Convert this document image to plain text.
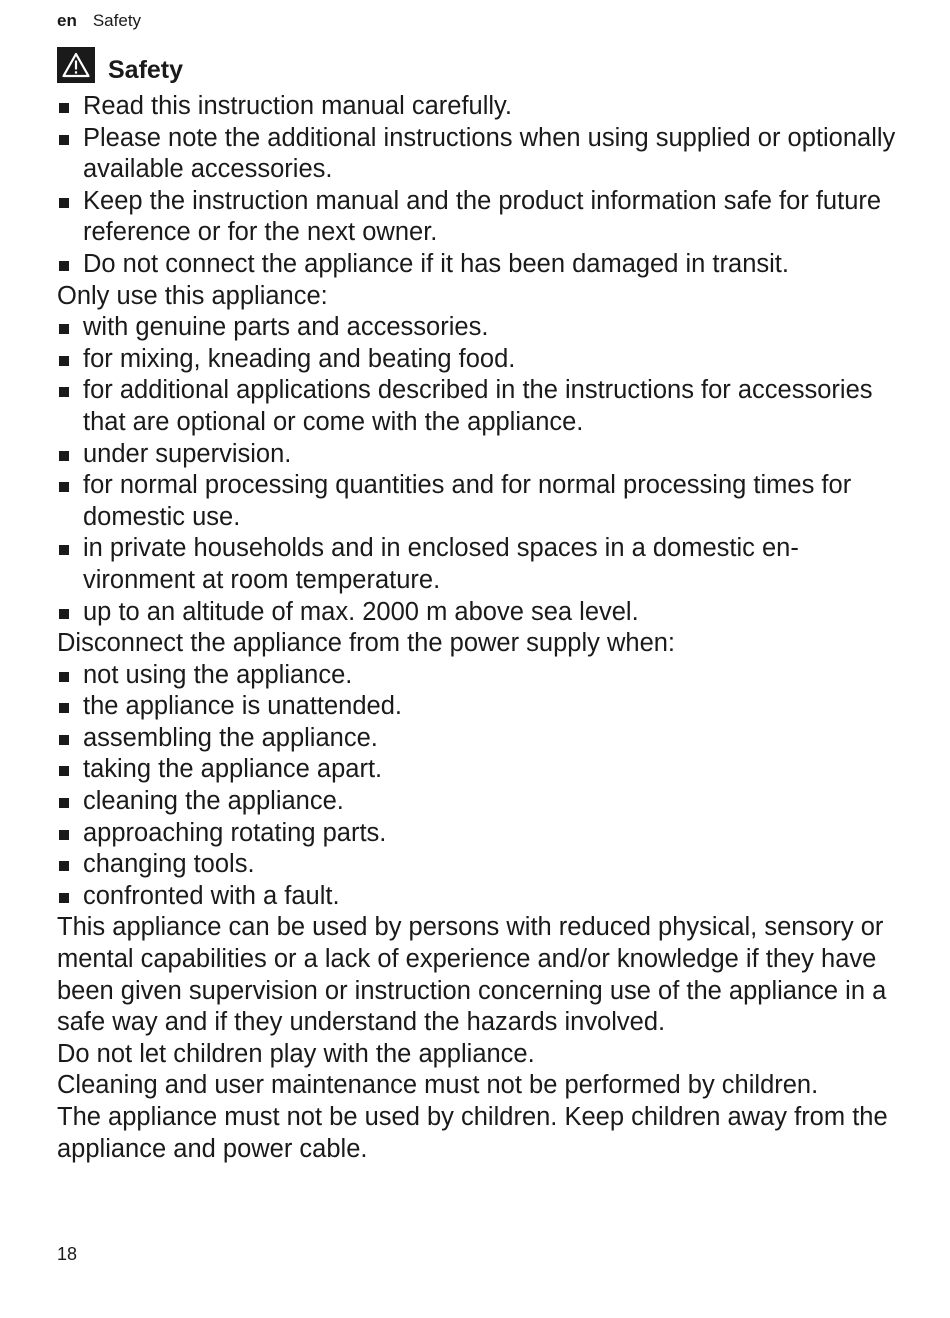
en Safety
Safety
Read this instruction manual carefully.
Please note the additional instructions when using supplied or optionally available accessories.
Keep the instruction manual and the product information safe for future reference or for the next owner.
Do not connect the appliance if it has been damaged in transit.

Only use this appliance:

with genuine parts and accessories.
for mixing, kneading and beating food.
for additional applications described in the instructions for accessories that are optional or come with the appliance.
under supervision.
for normal processing quantities and for normal processing times for domestic use.
in private households and in enclosed spaces in a domestic environment at room temperature.
up to an altitude of max. 2000 m above sea level.

Disconnect the appliance from the power supply when:

not using the appliance.
the appliance is unattended.
assembling the appliance.
taking the appliance apart.
cleaning the appliance.
approaching rotating parts.
changing tools.
confronted with a fault.

This appliance can be used by persons with reduced physical, sensory or mental capabilities or a lack of experience and/or knowledge if they have been given supervision or instruction concerning use of the appliance in a safe way and if they understand the hazards involved.

Do not let children play with the appliance.

Cleaning and user maintenance must not be performed by children.

The appliance must not be used by children. Keep children away from the appliance and power cable.

18
